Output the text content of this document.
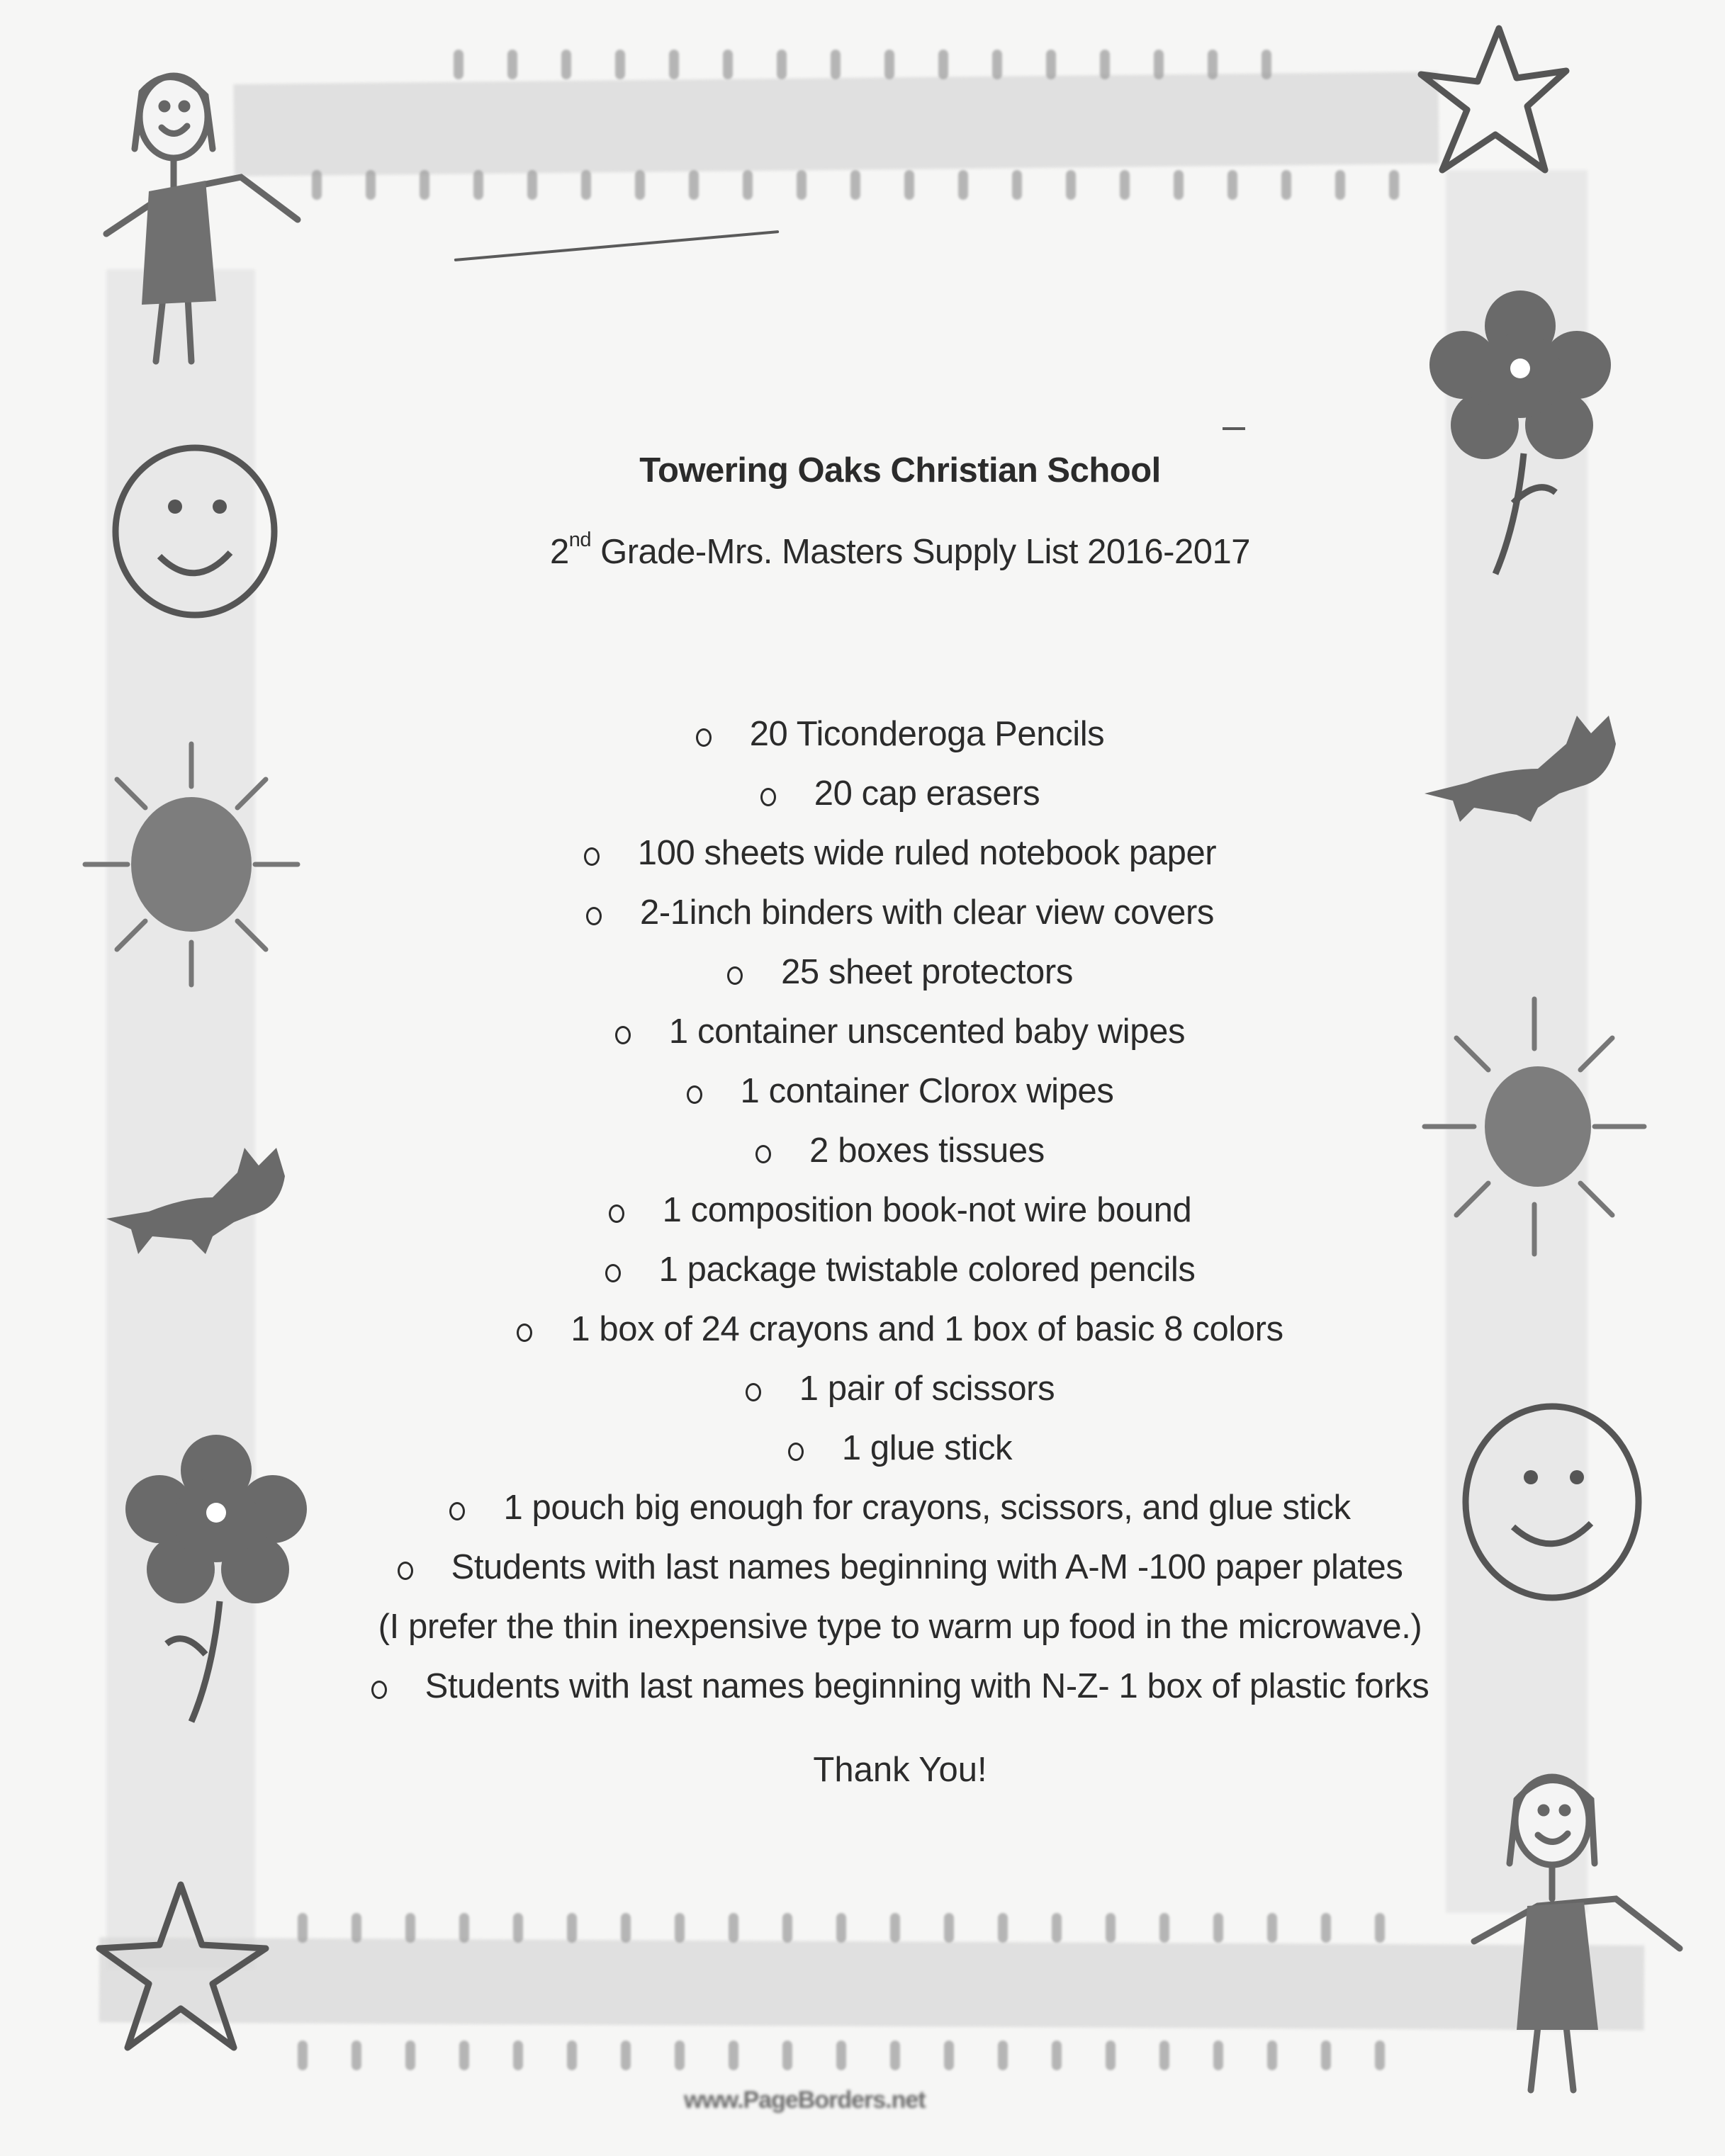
Towering Oaks Christian School
2nd Grade-Mrs. Masters Supply List 2016-2017
20 Ticonderoga Pencils
20 cap erasers
100 sheets wide ruled notebook paper
2-1inch binders with clear view covers
25 sheet protectors
1 container unscented baby wipes
1 container Clorox wipes
2 boxes tissues
1 composition book-not wire bound
1 package twistable colored pencils
1 box of 24 crayons and 1 box of basic 8 colors
1 pair of scissors
1 glue stick
1 pouch big enough for crayons, scissors, and glue stick
Students with last names beginning with A-M -100 paper plates
(I prefer the thin inexpensive type to warm up food in the microwave.)
Students with last names beginning with N-Z- 1 box of plastic forks
Thank You!
www.PageBorders.net
